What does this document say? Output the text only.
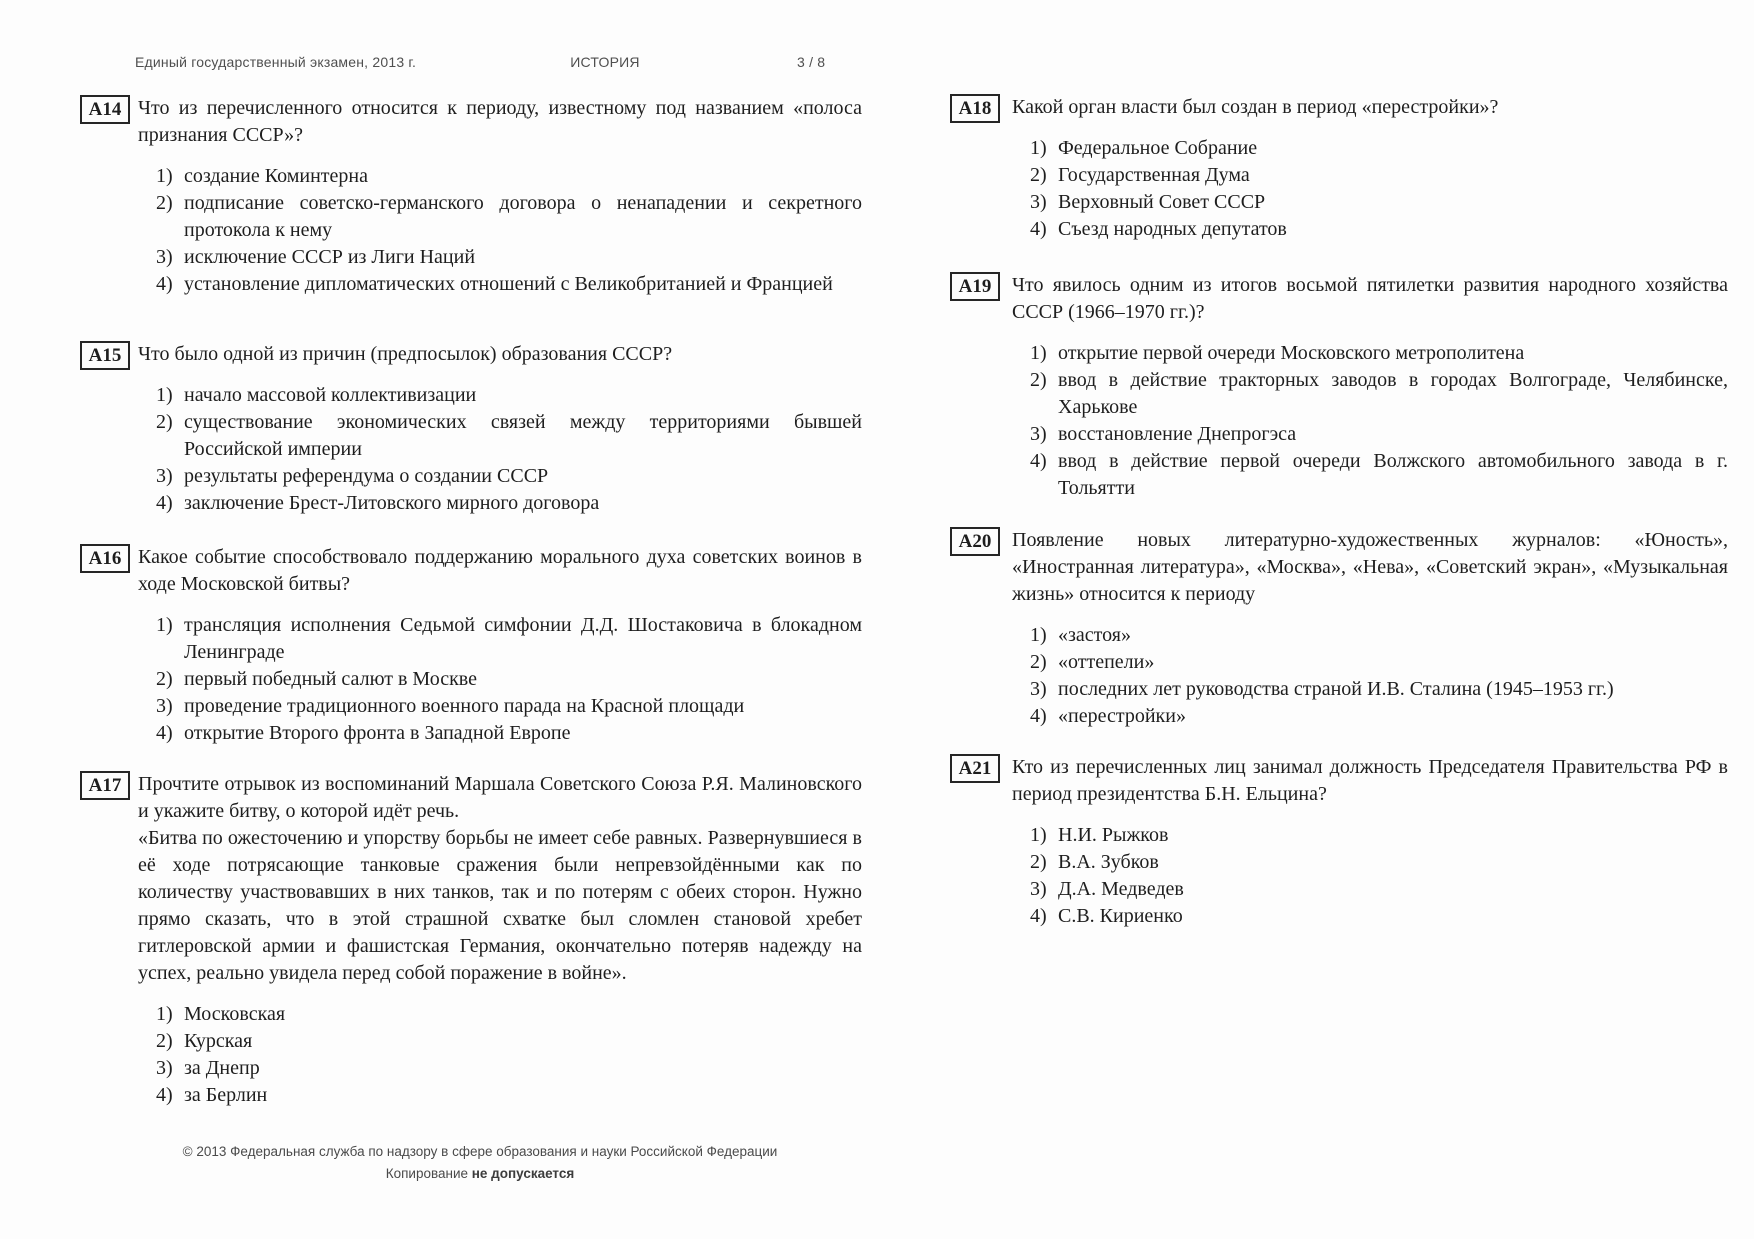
Единый государственный экзамен, 2013 г.	ИСТОРИЯ	3 / 8
A14 Что из перечисленного относится к периоду, известному под названием «полоса признания СССР»?

1) создание Коминтерна
2) подписание советско-германского договора о ненападении и секретного протокола к нему
3) исключение СССР из Лиги Наций
4) установление дипломатических отношений с Великобританией и Францией
A15 Что было одной из причин (предпосылок) образования СССР?

1) начало массовой коллективизации
2) существование экономических связей между территориями бывшей Российской империи
3) результаты референдума о создании СССР
4) заключение Брест-Литовского мирного договора
A16 Какое событие способствовало поддержанию морального духа советских воинов в ходе Московской битвы?

1) трансляция исполнения Седьмой симфонии Д.Д. Шостаковича в блокадном Ленинграде
2) первый победный салют в Москве
3) проведение традиционного военного парада на Красной площади
4) открытие Второго фронта в Западной Европе
A17 Прочтите отрывок из воспоминаний Маршала Советского Союза Р.Я. Малиновского и укажите битву, о которой идёт речь.

«Битва по ожесточению и упорству борьбы не имеет себе равных. Развернувшиеся в её ходе потрясающие танковые сражения были непревзойдёнными как по количеству участвовавших в них танков, так и по потерям с обеих сторон. Нужно прямо сказать, что в этой страшной схватке был сломлен становой хребет гитлеровской армии и фашистская Германия, окончательно потеряв надежду на успех, реально увидела перед собой поражение в войне».

1) Московская
2) Курская
3) за Днепр
4) за Берлин
A18	Какой орган власти был создан в период «перестройки»?

1) Федеральное Собрание
2) Государственная Дума
3) Верховный Совет СССР
4) Съезд народных депутатов
A19	Что явилось одним из итогов восьмой пятилетки развития народного хозяйства СССР (1966–1970 гг.)?

1) открытие первой очереди Московского метрополитена
2) ввод в действие тракторных заводов в городах Волгограде, Челябинске, Харькове
3) восстановление Днепрогэса
4) ввод в действие первой очереди Волжского автомобильного завода в г. Тольятти
A20	Появление новых литературно-художественных журналов: «Юность», «Иностранная литература», «Москва», «Нева», «Советский экран», «Музыкальная жизнь» относится к периоду

1) «застоя»
2) «оттепели»
3) последних лет руководства страной И.В. Сталина (1945–1953 гг.)
4) «перестройки»
A21	Кто из перечисленных лиц занимал должность Председателя Правительства РФ в период президентства Б.Н. Ельцина?

1) Н.И. Рыжков
2) В.А. Зубков
3) Д.А. Медведев
4) С.В. Кириенко
© 2013 Федеральная служба по надзору в сфере образования и науки Российской Федерации
Копирование не допускается
